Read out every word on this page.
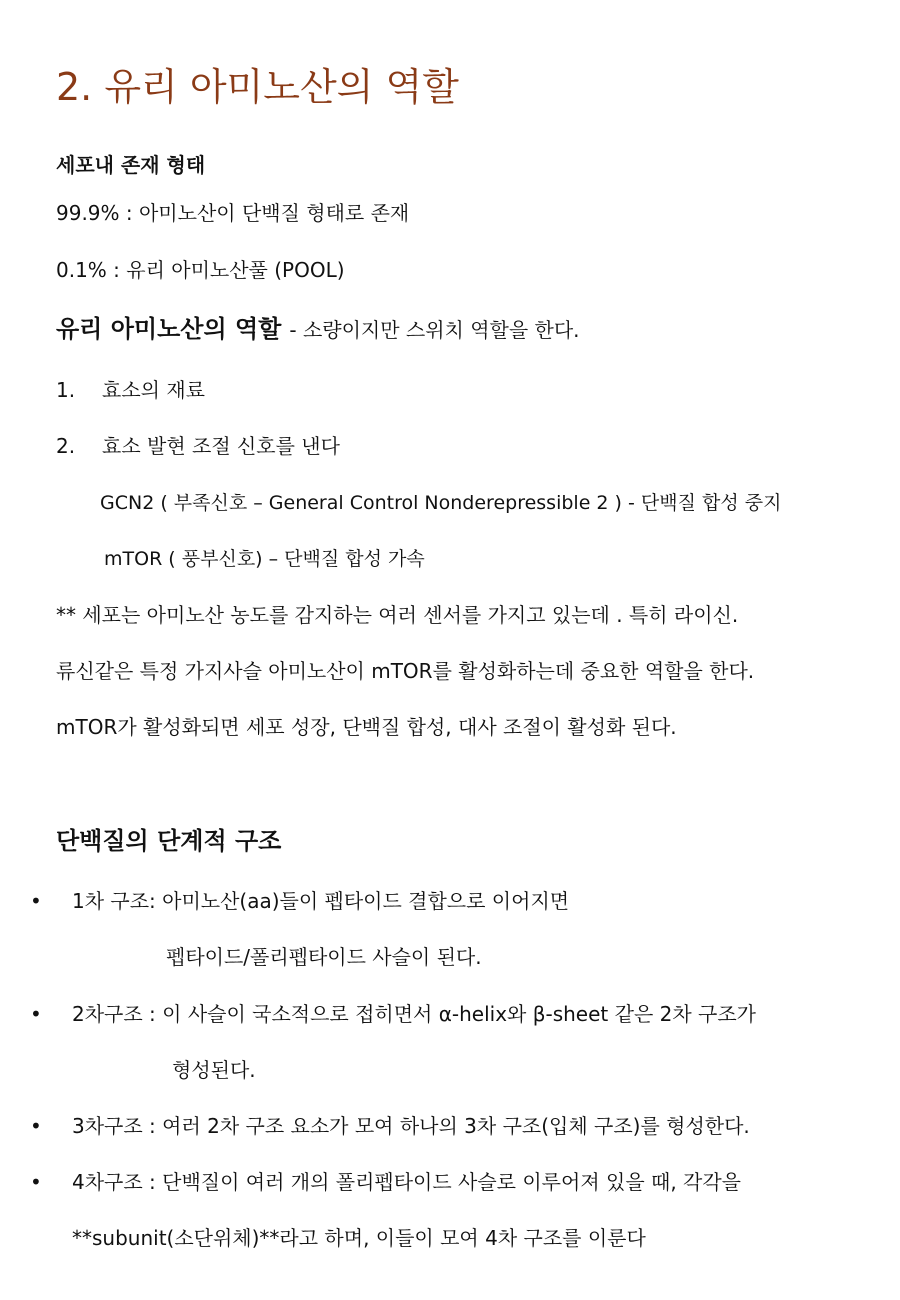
2. 유리 아미노산의 역할
세포내 존재 형태
99.9% : 아미노산이 단백질 형태로 존재
0.1% : 유리 아미노산풀 (POOL)
유리 아미노산의 역할 - 소량이지만 스위치 역할을 한다.
1. 효소의 재료
2. 효소 발현 조절 신호를 낸다
GCN2 ( 부족신호 – General Control Nonderepressible 2 ) - 단백질 합성 중지
mTOR ( 풍부신호) – 단백질 합성 가속
** 세포는 아미노산 농도를 감지하는 여러 센서를 가지고 있는데 . 특히 라이신.
류신같은 특정 가지사슬 아미노산이 mTOR를 활성화하는데 중요한 역할을 한다.
mTOR가 활성화되면 세포 성장, 단백질 합성, 대사 조절이 활성화 된다.
단백질의 단계적 구조
• 1차 구조: 아미노산(aa)들이 펩타이드 결합으로 이어지면
펩타이드/폴리펩타이드 사슬이 된다.
• 2차구조 : 이 사슬이 국소적으로 접히면서 α-helix와 β-sheet 같은 2차 구조가
형성된다.
• 3차구조 : 여러 2차 구조 요소가 모여 하나의 3차 구조(입체 구조)를 형성한다.
• 4차구조 : 단백질이 여러 개의 폴리펩타이드 사슬로 이루어져 있을 때, 각각을
**subunit(소단위체)**라고 하며, 이들이 모여 4차 구조를 이룬다
